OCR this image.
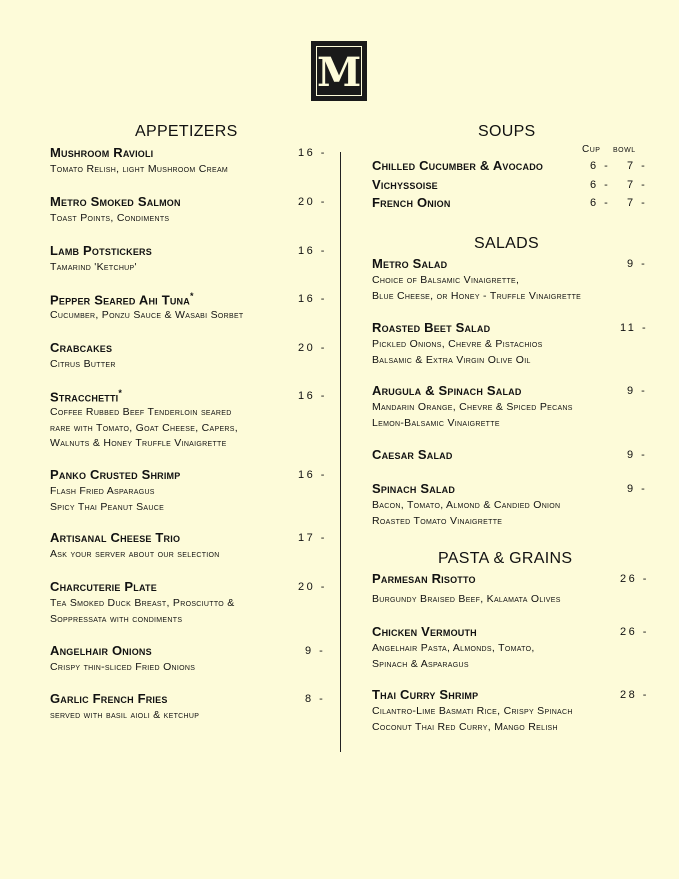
M
APPETIZERS
Mushroom Ravioli	16 -
Tomato Relish, light Mushroom Cream
Metro Smoked Salmon	20 -
Toast Points, Condiments
Lamb Potstickers	16 -
Tamarind 'Ketchup'
Pepper Seared Ahi Tuna*	16 -
Cucumber, Ponzu Sauce & Wasabi Sorbet
Crabcakes	20 -
Citrus Butter
Stracchetti*	16 -
Coffee Rubbed Beef Tenderloin seared
rare with Tomato, Goat Cheese, Capers,
Walnuts & Honey Truffle Vinaigrette
Panko Crusted Shrimp	16 -
Flash Fried Asparagus
Spicy Thai Peanut Sauce
Artisanal Cheese Trio	17 -
Ask your server about our selection
Charcuterie Plate	20 -
Tea Smoked Duck Breast, Prosciutto &
Soppressata with condiments
Angelhair Onions	9 -
Crispy thin-sliced Fried Onions
Garlic French Fries	8 -
served with basil aioli & ketchup
SOUPS
Cup bowl
Chilled Cucumber & Avocado	6 - 7 -
Vichyssoise	6 - 7 -
French Onion	6 - 7 -
SALADS
Metro Salad	9 -
Choice of Balsamic Vinaigrette,
Blue Cheese, or Honey - Truffle Vinaigrette
Roasted Beet Salad	11 -
Pickled Onions, Chevre & Pistachios
Balsamic & Extra Virgin Olive Oil
Arugula & Spinach Salad	9 -
Mandarin Orange, Chevre & Spiced Pecans
Lemon-Balsamic Vinaigrette
Caesar Salad	9 -
Spinach Salad	9 -
Bacon, Tomato, Almond & Candied Onion
Roasted Tomato Vinaigrette
PASTA & GRAINS
Parmesan Risotto	26 -
Burgundy Braised Beef, Kalamata Olives
Chicken Vermouth	26 -
Angelhair Pasta, Almonds, Tomato,
Spinach & Asparagus
Thai Curry Shrimp	28 -
Cilantro-Lime Basmati Rice, Crispy Spinach
Coconut Thai Red Curry, Mango Relish
